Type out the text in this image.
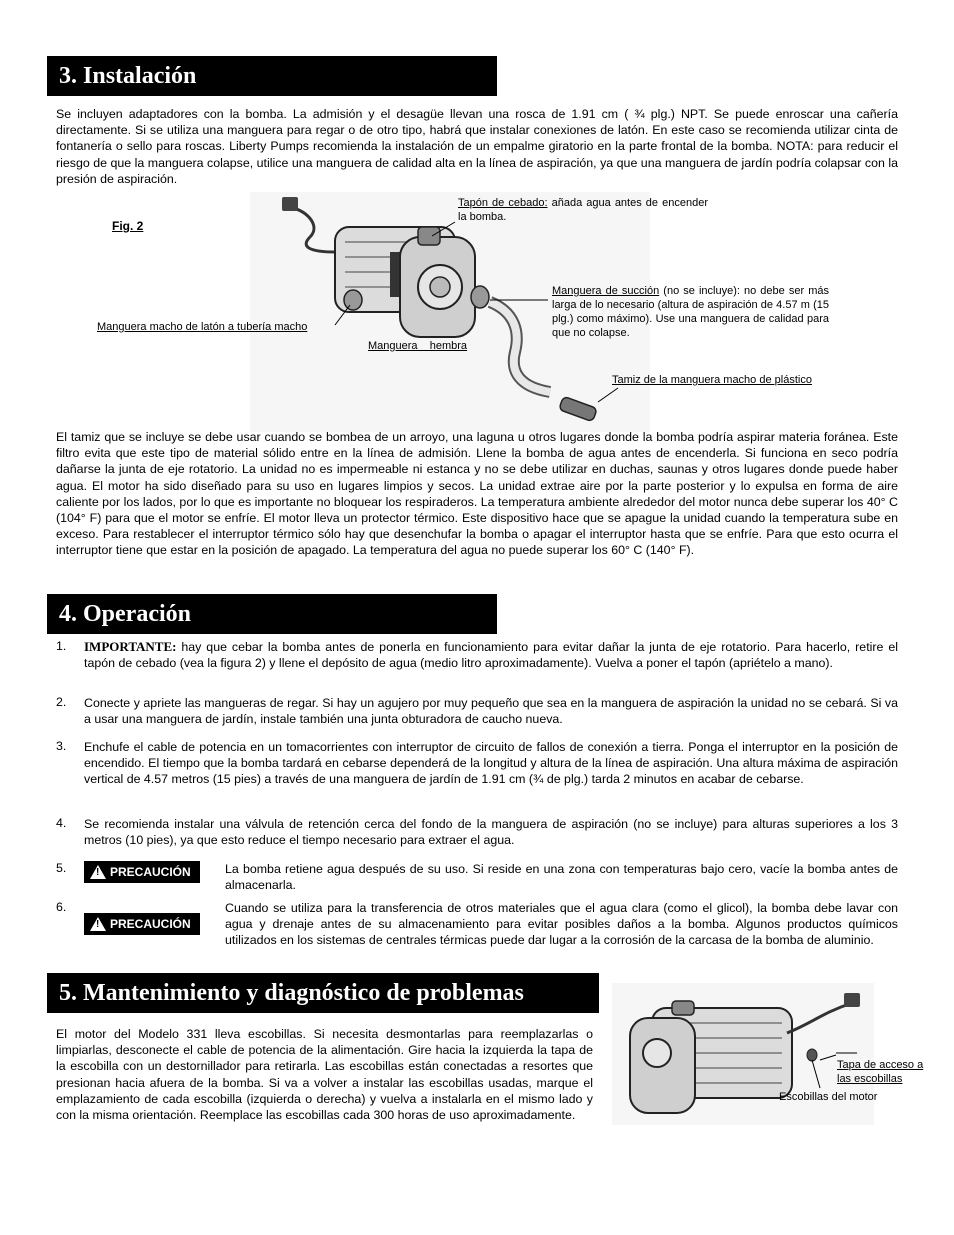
3. Instalación
Se incluyen adaptadores con la bomba. La admisión y el desagüe llevan una rosca de 1.91 cm ( ¾ plg.) NPT. Se puede enroscar una cañería directamente. Si se utiliza una manguera para regar o de otro tipo, habrá que instalar conexiones de latón. En este caso se recomienda utilizar cinta de fontanería o sello para roscas. Liberty Pumps recomienda la instalación de un empalme giratorio en la parte frontal de la bomba. NOTA: para reducir el riesgo de que la manguera colapse, utilice una manguera de calidad alta en la línea de aspiración, ya que una manguera de jardín podría colapsar con la presión de aspiración.
Fig. 2
Tapón de cebado: añada agua antes de encender la bomba.
Manguera macho de latón a tubería macho
Manguera    hembra
Manguera de succión (no se incluye): no debe ser más larga de lo necesario (altura de aspiración de 4.57 m (15 plg.) como máximo). Use una manguera de calidad para que no colapse.
Tamiz de la manguera macho de plástico
El tamiz que se incluye se debe usar cuando se bombea de un arroyo, una laguna u otros lugares donde la bomba podría aspirar materia foránea. Este filtro evita que este tipo de material sólido entre en la línea de admisión. Llene la bomba de agua antes de encenderla. Si funciona en seco podría dañarse la junta de eje rotatorio. La unidad no es impermeable ni estanca y no se debe utilizar en duchas, saunas y otros lugares donde puede haber agua. El motor ha sido diseñado para su uso en lugares limpios y secos. La unidad extrae aire por la parte posterior y lo expulsa en forma de aire caliente por los lados, por lo que es importante no bloquear los respiraderos. La temperatura ambiente alrededor del motor nunca debe superar los 40° C (104° F) para que el motor se enfríe. El motor lleva un protector térmico. Este dispositivo hace que se apague la unidad cuando la temperatura sube en exceso. Para restablecer el interruptor térmico sólo hay que desenchufar la bomba o apagar el interruptor hasta que se enfríe. Para que esto ocurra el interruptor tiene que estar en la posición de apagado. La temperatura del agua no puede superar los 60° C (140° F).
4. Operación
1. IMPORTANTE: hay que cebar la bomba antes de ponerla en funcionamiento para evitar dañar la junta de eje rotatorio. Para hacerlo, retire el tapón de cebado (vea la figura 2) y llene el depósito de agua (medio litro aproximadamente). Vuelva a poner el tapón (apriételo a mano).
2. Conecte y apriete las mangueras de regar. Si hay un agujero por muy pequeño que sea en la manguera de aspiración la unidad no se cebará. Si va a usar una manguera de jardín, instale también una junta obturadora de caucho nueva.
3. Enchufe el cable de potencia en un tomacorrientes con interruptor de circuito de fallos de conexión a tierra. Ponga el interruptor en la posición de encendido. El tiempo que la bomba tardará en cebarse dependerá de la longitud y altura de la línea de aspiración. Una altura máxima de aspiración vertical de 4.57 metros (15 pies) a través de una manguera de jardín de 1.91 cm (¾ de plg.) tarda 2 minutos en acabar de cebarse.
4. Se recomienda instalar una válvula de retención cerca del fondo de la manguera de aspiración (no se incluye) para alturas superiores a los 3 metros (10 pies), ya que esto reduce el tiempo necesario para extraer el agua.
5.	! PRECAUCIÓN	La bomba retiene agua después de su uso. Si reside en una zona con temperaturas bajo cero, vacíe la bomba antes de almacenarla.
6.
! PRECAUCIÓN
Cuando se utiliza para la transferencia de otros materiales que el agua clara (como el glicol), la bomba debe lavar con agua y drenaje antes de su almacenamiento para evitar posibles daños a la bomba. Algunos productos químicos utilizados en los sistemas de centrales térmicas puede dar lugar a la corrosión de la carcasa de la bomba de aluminio.
5. Mantenimiento y diagnóstico de problemas
El motor del Modelo 331 lleva escobillas. Si necesita desmontarlas para reemplazarlas o limpiarlas, desconecte el cable de potencia de la alimentación. Gire hacia la izquierda la tapa de la escobilla con un destornillador para retirarla. Las escobillas están conectadas a resortes que presionan hacia afuera de la bomba. Si va a volver a instalar las escobillas usadas, marque el emplazamiento de cada escobilla (izquierda o derecha) y vuelva a instalarla en el mismo lado y con la misma orientación. Reemplace las escobillas cada 300 horas de uso aproximadamente.
Tapa de acceso a las escobillas
Escobillas del motor
